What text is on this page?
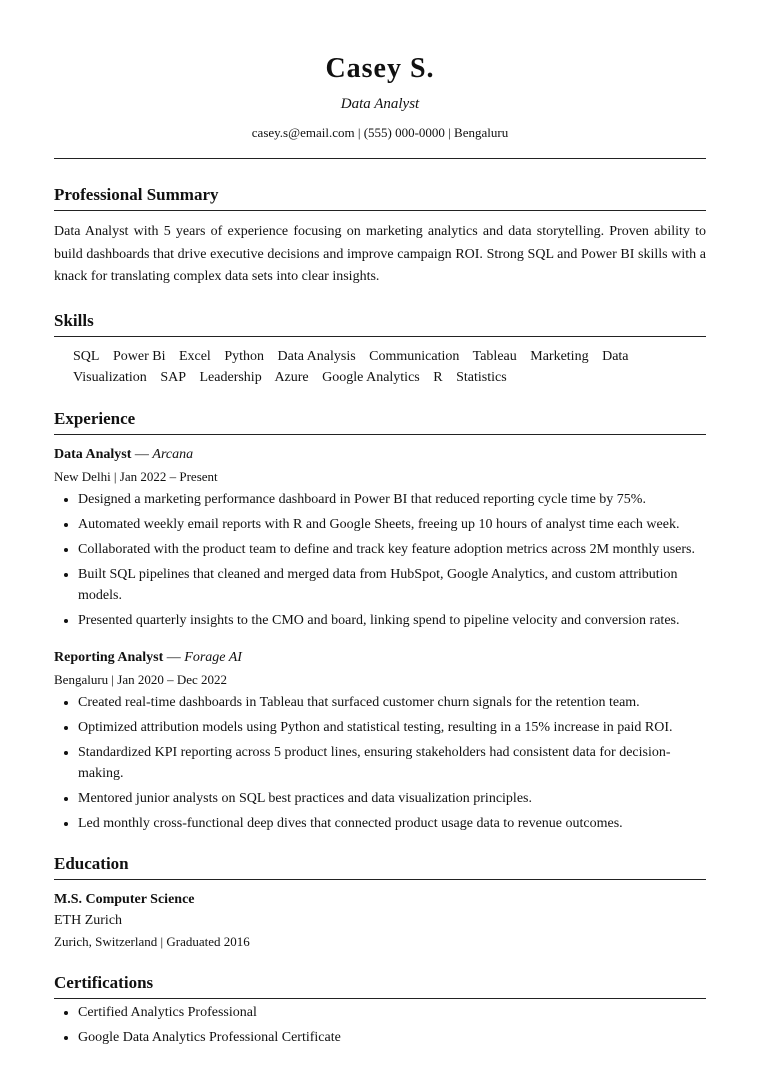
Casey S.
Data Analyst
casey.s@email.com | (555) 000-0000 | Bengaluru
Professional Summary

Data Analyst with 5 years of experience focusing on marketing analytics and data storytelling. Proven ability to build dashboards that drive executive decisions and improve campaign ROI. Strong SQL and Power BI skills with a knack for translating complex data sets into clear insights.

Skills
SQL Power Bi Excel Python Data Analysis Communication Tableau Marketing Data Visualization SAP Leadership Azure Google Analytics R Statistics
Experience
Data Analyst — Arcana
New Delhi | Jan 2022 – Present
• Designed a marketing performance dashboard in Power BI that reduced reporting cycle time by 75%.
• Automated weekly email reports with R and Google Sheets, freeing up 10 hours of analyst time each week.
• Collaborated with the product team to define and track key feature adoption metrics across 2M monthly users.
• Built SQL pipelines that cleaned and merged data from HubSpot, Google Analytics, and custom attribution models.
• Presented quarterly insights to the CMO and board, linking spend to pipeline velocity and conversion rates.
Reporting Analyst — Forage AI
Bengaluru | Jan 2020 – Dec 2022
• Created real-time dashboards in Tableau that surfaced customer churn signals for the retention team.
• Optimized attribution models using Python and statistical testing, resulting in a 15% increase in paid ROI.
• Standardized KPI reporting across 5 product lines, ensuring stakeholders had consistent data for decision-making.
• Mentored junior analysts on SQL best practices and data visualization principles.
• Led monthly cross-functional deep dives that connected product usage data to revenue outcomes.
Education
M.S. Computer Science
ETH Zurich
Zurich, Switzerland | Graduated 2016
Certifications
• Certified Analytics Professional
• Google Data Analytics Professional Certificate
